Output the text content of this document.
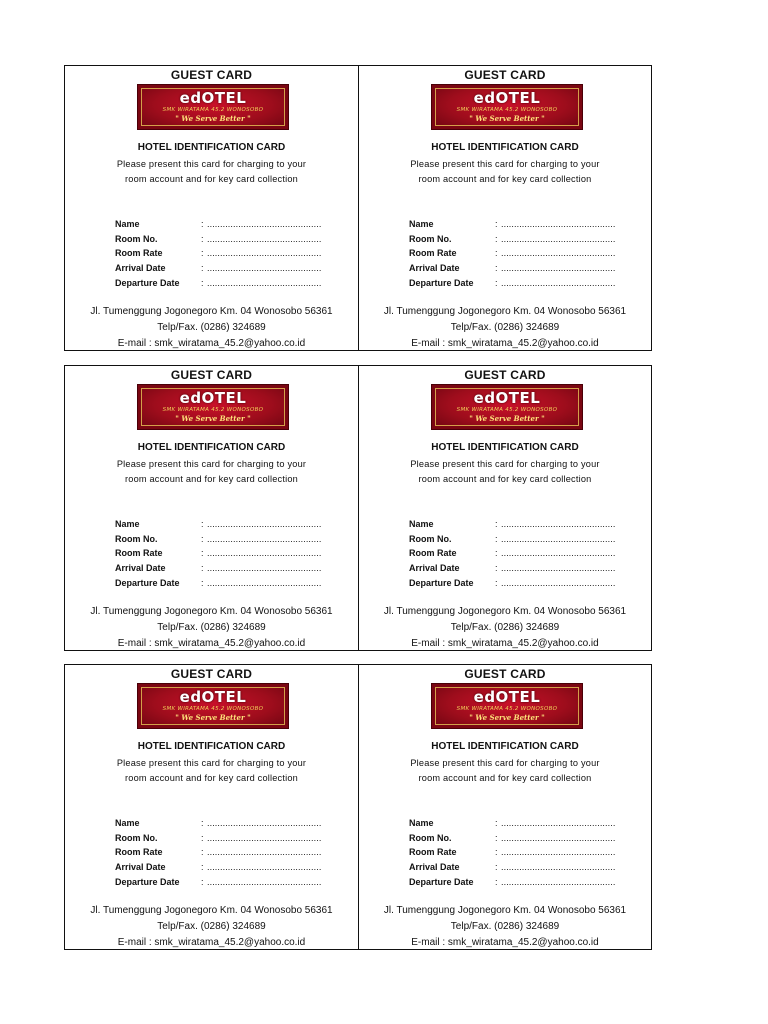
GUEST CARD
edOTEL
SMK WIRATAMA 45.2 WONOSOBO
" We Serve Better "
HOTEL IDENTIFICATION CARD
Please present this card for charging to your room account and for key card collection
Name	: ............................................
Room No.	: ............................................
Room Rate	: ............................................
Arrival Date	: ............................................
Departure Date	: ............................................
Jl. Tumenggung Jogonegoro Km. 04 Wonosobo 56361
Telp/Fax. (0286) 324689
E-mail : smk_wiratama_45.2@yahoo.co.id
GUEST CARD
edOTEL
SMK WIRATAMA 45.2 WONOSOBO
" We Serve Better "
HOTEL IDENTIFICATION CARD
Please present this card for charging to your room account and for key card collection
Name	: ............................................
Room No.	: ............................................
Room Rate	: ............................................
Arrival Date	: ............................................
Departure Date	: ............................................
Jl. Tumenggung Jogonegoro Km. 04 Wonosobo 56361
Telp/Fax. (0286) 324689
E-mail : smk_wiratama_45.2@yahoo.co.id
GUEST CARD
edOTEL
SMK WIRATAMA 45.2 WONOSOBO
" We Serve Better "
HOTEL IDENTIFICATION CARD
Please present this card for charging to your room account and for key card collection
Name	: ............................................
Room No.	: ............................................
Room Rate	: ............................................
Arrival Date	: ............................................
Departure Date	: ............................................
Jl. Tumenggung Jogonegoro Km. 04 Wonosobo 56361
Telp/Fax. (0286) 324689
E-mail : smk_wiratama_45.2@yahoo.co.id
GUEST CARD
edOTEL
SMK WIRATAMA 45.2 WONOSOBO
" We Serve Better "
HOTEL IDENTIFICATION CARD
Please present this card for charging to your room account and for key card collection
Name	: ............................................
Room No.	: ............................................
Room Rate	: ............................................
Arrival Date	: ............................................
Departure Date	: ............................................
Jl. Tumenggung Jogonegoro Km. 04 Wonosobo 56361
Telp/Fax. (0286) 324689
E-mail : smk_wiratama_45.2@yahoo.co.id
GUEST CARD
edOTEL
SMK WIRATAMA 45.2 WONOSOBO
" We Serve Better "
HOTEL IDENTIFICATION CARD
Please present this card for charging to your room account and for key card collection
Name	: ............................................
Room No.	: ............................................
Room Rate	: ............................................
Arrival Date	: ............................................
Departure Date	: ............................................
Jl. Tumenggung Jogonegoro Km. 04 Wonosobo 56361
Telp/Fax. (0286) 324689
E-mail : smk_wiratama_45.2@yahoo.co.id
GUEST CARD
edOTEL
SMK WIRATAMA 45.2 WONOSOBO
" We Serve Better "
HOTEL IDENTIFICATION CARD
Please present this card for charging to your room account and for key card collection
Name	: ............................................
Room No.	: ............................................
Room Rate	: ............................................
Arrival Date	: ............................................
Departure Date	: ............................................
Jl. Tumenggung Jogonegoro Km. 04 Wonosobo 56361
Telp/Fax. (0286) 324689
E-mail : smk_wiratama_45.2@yahoo.co.id
